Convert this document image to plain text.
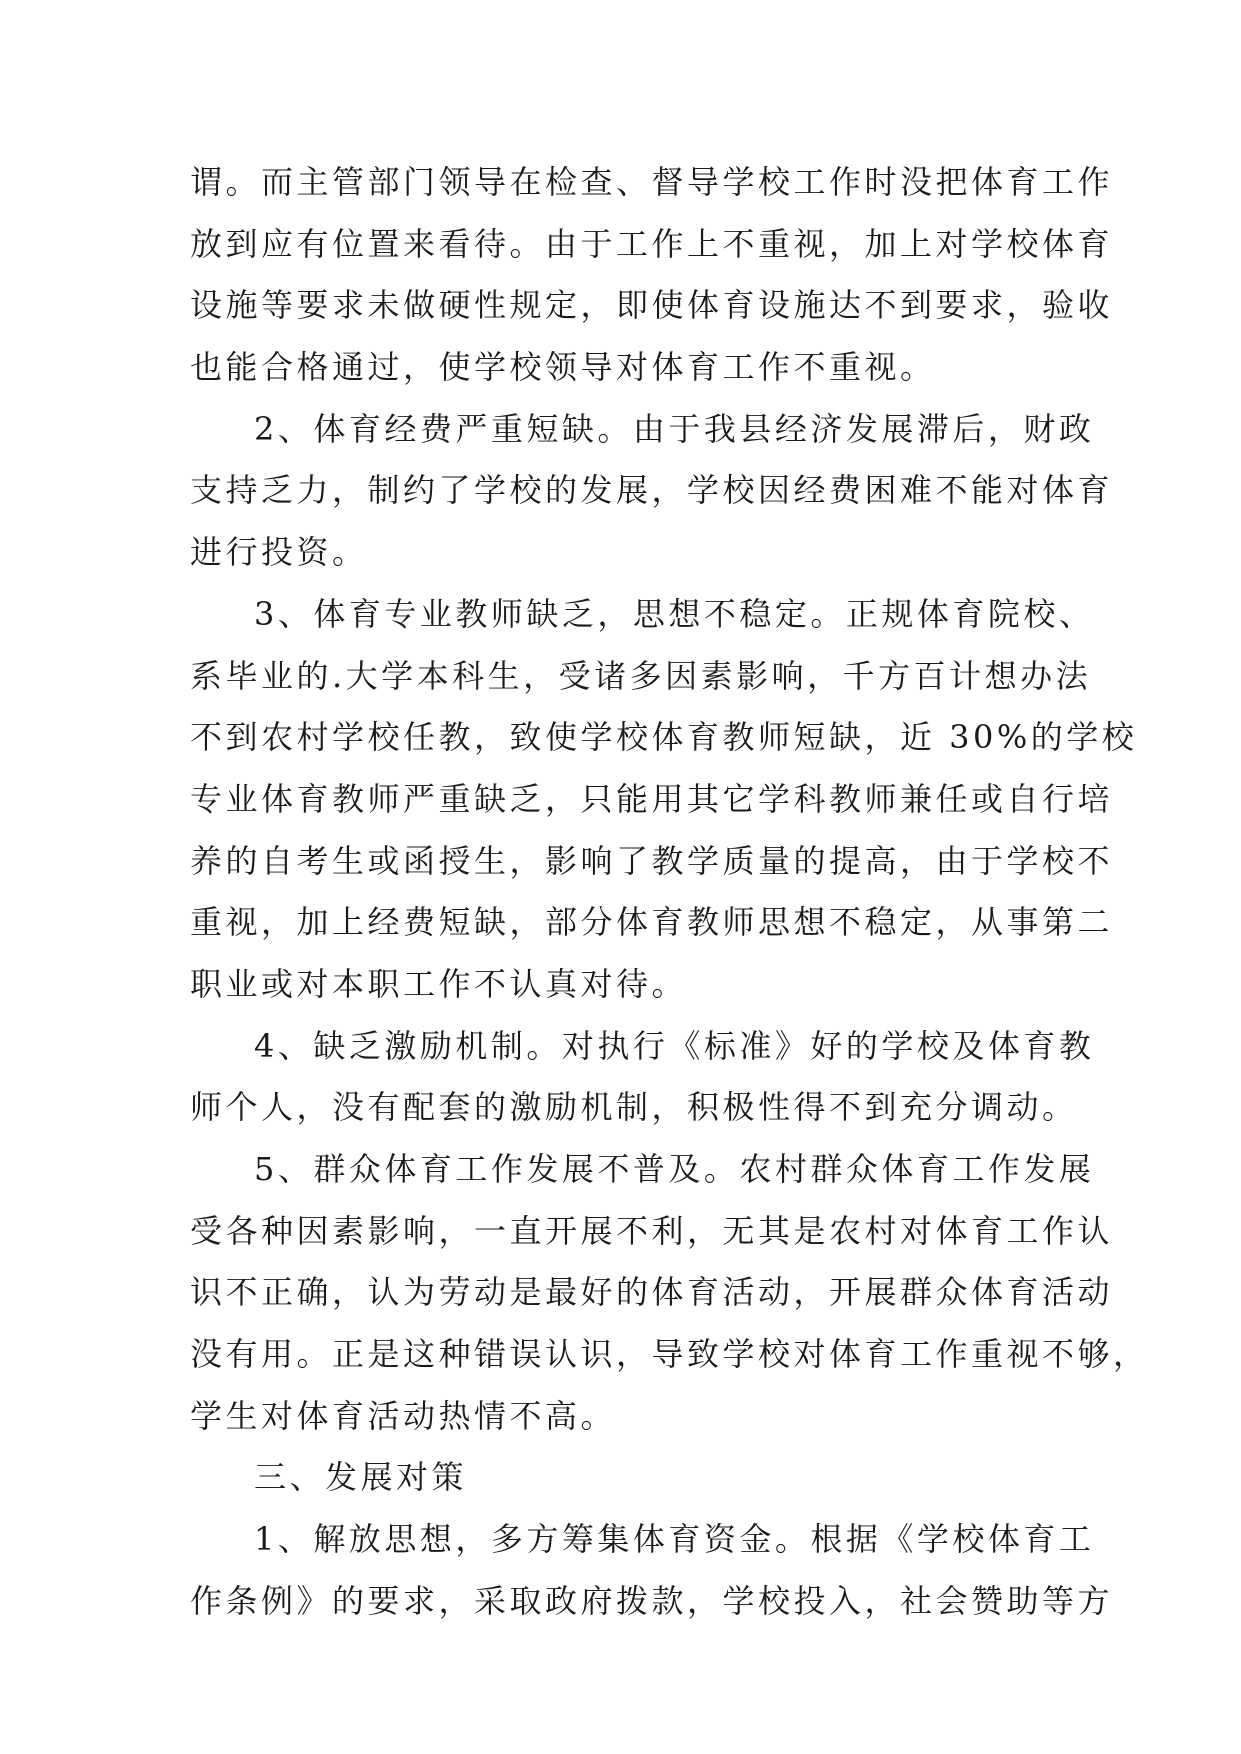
谓。而主管部门领导在检查、督导学校工作时没把体育工作
放到应有位置来看待。由于工作上不重视，加上对学校体育
设施等要求未做硬性规定，即使体育设施达不到要求，验收
也能合格通过，使学校领导对体育工作不重视。
2、体育经费严重短缺。由于我县经济发展滞后，财政
支持乏力，制约了学校的发展，学校因经费困难不能对体育
进行投资。
3、体育专业教师缺乏，思想不稳定。正规体育院校、
系毕业的.大学本科生，受诸多因素影响，千方百计想办法
不到农村学校任教，致使学校体育教师短缺，近 30%的学校
专业体育教师严重缺乏，只能用其它学科教师兼任或自行培
养的自考生或函授生，影响了教学质量的提高，由于学校不
重视，加上经费短缺，部分体育教师思想不稳定，从事第二
职业或对本职工作不认真对待。
4、缺乏激励机制。对执行《标准》好的学校及体育教
师个人，没有配套的激励机制，积极性得不到充分调动。
5、群众体育工作发展不普及。农村群众体育工作发展
受各种因素影响，一直开展不利，无其是农村对体育工作认
识不正确，认为劳动是最好的体育活动，开展群众体育活动
没有用。正是这种错误认识，导致学校对体育工作重视不够，
学生对体育活动热情不高。
三、发展对策
1、解放思想，多方筹集体育资金。根据《学校体育工
作条例》的要求，采取政府拨款，学校投入，社会赞助等方
